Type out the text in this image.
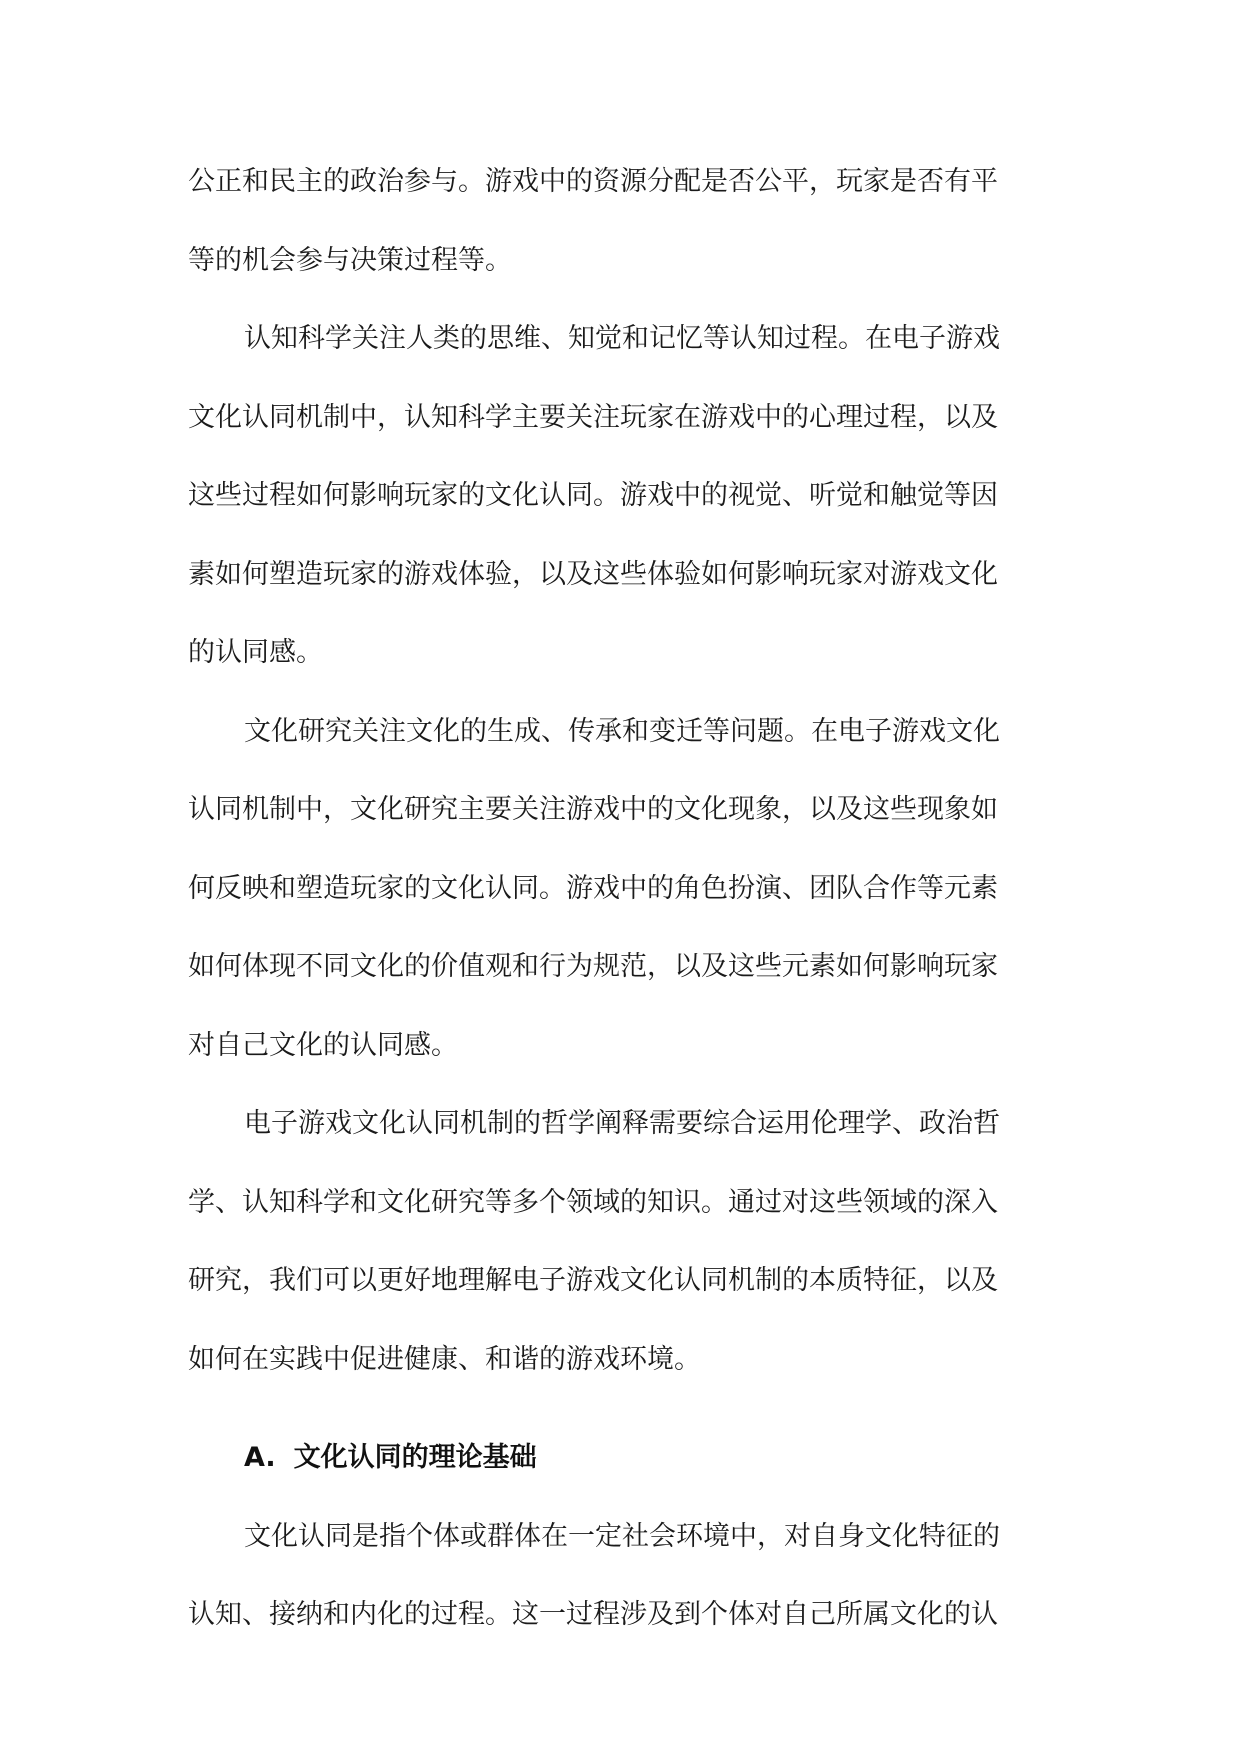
公正和民主的政治参与。游戏中的资源分配是否公平，玩家是否有平
等的机会参与决策过程等。

认知科学关注人类的思维、知觉和记忆等认知过程。在电子游戏
文化认同机制中，认知科学主要关注玩家在游戏中的心理过程，以及
这些过程如何影响玩家的文化认同。游戏中的视觉、听觉和触觉等因
素如何塑造玩家的游戏体验，以及这些体验如何影响玩家对游戏文化
的认同感。

文化研究关注文化的生成、传承和变迁等问题。在电子游戏文化
认同机制中，文化研究主要关注游戏中的文化现象，以及这些现象如
何反映和塑造玩家的文化认同。游戏中的角色扮演、团队合作等元素
如何体现不同文化的价值观和行为规范，以及这些元素如何影响玩家
对自己文化的认同感。

电子游戏文化认同机制的哲学阐释需要综合运用伦理学、政治哲
学、认知科学和文化研究等多个领域的知识。通过对这些领域的深入
研究，我们可以更好地理解电子游戏文化认同机制的本质特征，以及
如何在实践中促进健康、和谐的游戏环境。

A. 文化认同的理论基础

文化认同是指个体或群体在一定社会环境中，对自身文化特征的
认知、接纳和内化的过程。这一过程涉及到个体对自己所属文化的认
